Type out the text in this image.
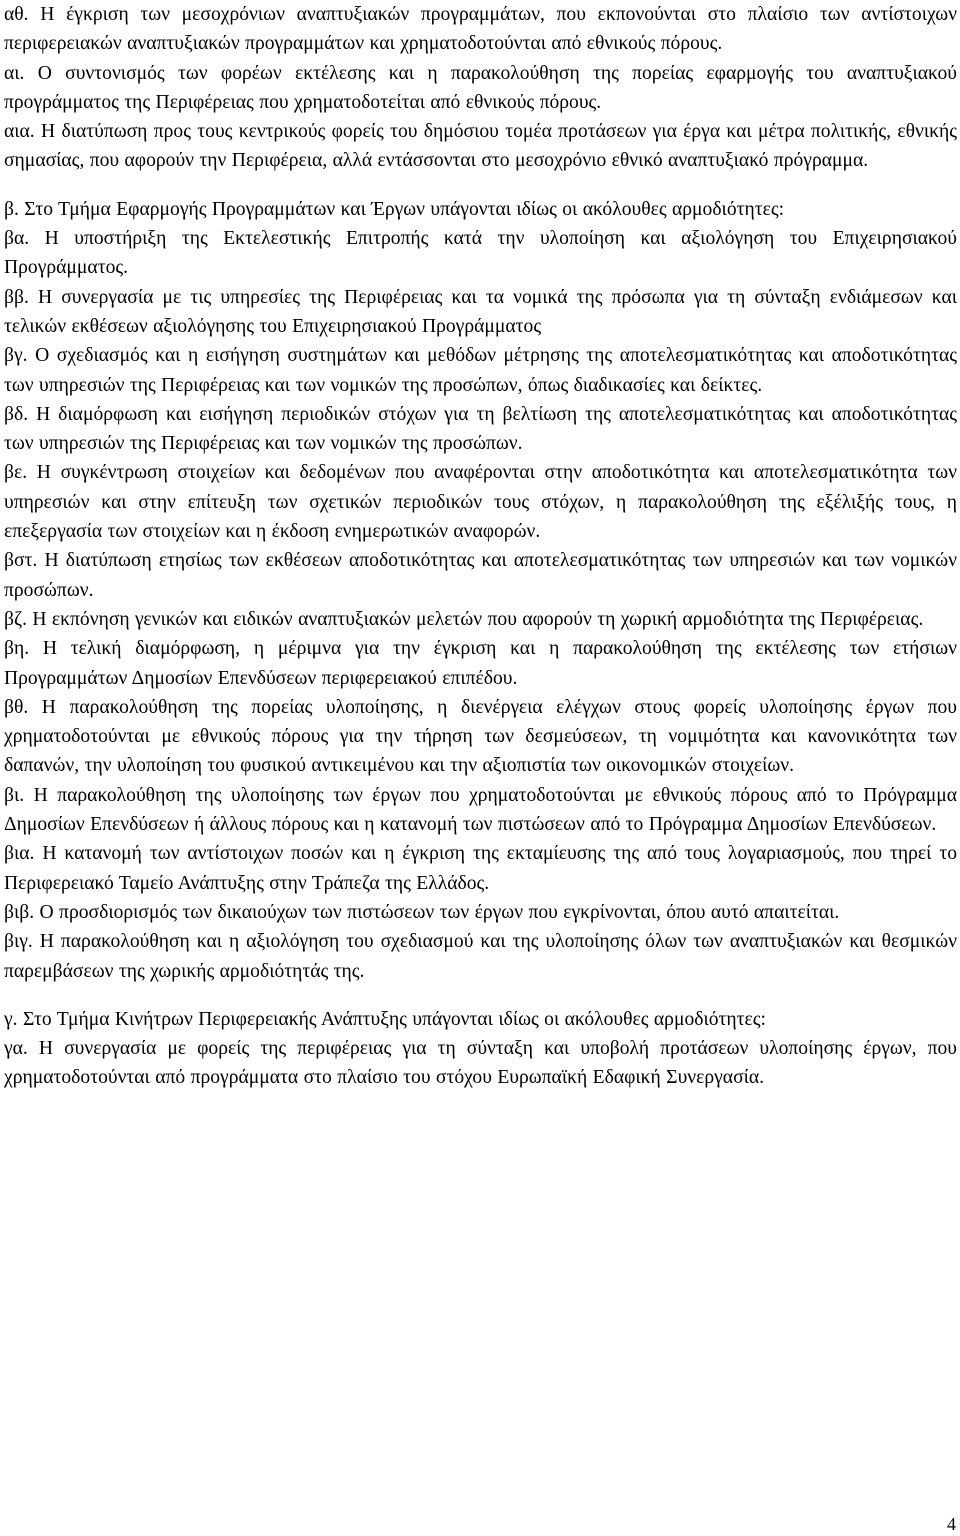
αθ. Η έγκριση των μεσοχρόνιων αναπτυξιακών προγραμμάτων, που εκπονούνται στο πλαίσιο των αντίστοιχων περιφερειακών αναπτυξιακών προγραμμάτων και χρηματοδοτούνται από εθνικούς πόρους.

αι. Ο συντονισμός των φορέων εκτέλεσης και η παρακολούθηση της πορείας εφαρμογής του αναπτυξιακού προγράμματος της Περιφέρειας που χρηματοδοτείται από εθνικούς πόρους.

αια. Η διατύπωση προς τους κεντρικούς φορείς του δημόσιου τομέα προτάσεων για έργα και μέτρα πολιτικής, εθνικής σημασίας, που αφορούν την Περιφέρεια, αλλά εντάσσονται στο μεσοχρόνιο εθνικό αναπτυξιακό πρόγραμμα.

β. Στο Τμήμα Εφαρμογής Προγραμμάτων και Έργων υπάγονται ιδίως οι ακόλουθες αρμοδιότητες:

βα. Η υποστήριξη της Εκτελεστικής Επιτροπής κατά την υλοποίηση και αξιολόγηση του Επιχειρησιακού Προγράμματος.

ββ. Η συνεργασία με τις υπηρεσίες της Περιφέρειας και τα νομικά της πρόσωπα για τη σύνταξη ενδιάμεσων και τελικών εκθέσεων αξιολόγησης του Επιχειρησιακού Προγράμματος

βγ. Ο σχεδιασμός και η εισήγηση συστημάτων και μεθόδων μέτρησης της αποτελεσματικότητας και αποδοτικότητας των υπηρεσιών της Περιφέρειας και των νομικών της προσώπων, όπως διαδικασίες και δείκτες.

βδ. Η διαμόρφωση και εισήγηση περιοδικών στόχων για τη βελτίωση της αποτελεσματικότητας και αποδοτικότητας των υπηρεσιών της Περιφέρειας και των νομικών της προσώπων.

βε. Η συγκέντρωση στοιχείων και δεδομένων που αναφέρονται στην αποδοτικότητα και αποτελεσματικότητα των υπηρεσιών και στην επίτευξη των σχετικών περιοδικών τους στόχων, η παρακολούθηση της εξέλιξής τους, η επεξεργασία των στοιχείων και η έκδοση ενημερωτικών αναφορών.

βστ. Η διατύπωση ετησίως των εκθέσεων αποδοτικότητας και αποτελεσματικότητας των υπηρεσιών και των νομικών προσώπων.

βζ. Η εκπόνηση γενικών και ειδικών αναπτυξιακών μελετών που αφορούν τη χωρική αρμοδιότητα της Περιφέρειας.

βη. Η τελική διαμόρφωση, η μέριμνα για την έγκριση και η παρακολούθηση της εκτέλεσης των ετήσιων Προγραμμάτων Δημοσίων Επενδύσεων περιφερειακού επιπέδου.

βθ. Η παρακολούθηση της πορείας υλοποίησης, η διενέργεια ελέγχων στους φορείς υλοποίησης έργων που χρηματοδοτούνται με εθνικούς πόρους για την τήρηση των δεσμεύσεων, τη νομιμότητα και κανονικότητα των δαπανών, την υλοποίηση του φυσικού αντικειμένου και την αξιοπιστία των οικονομικών στοιχείων.

βι. Η παρακολούθηση της υλοποίησης των έργων που χρηματοδοτούνται με εθνικούς πόρους από το Πρόγραμμα Δημοσίων Επενδύσεων ή άλλους πόρους και η κατανομή των πιστώσεων από το Πρόγραμμα Δημοσίων Επενδύσεων.

βια. Η κατανομή των αντίστοιχων ποσών και η έγκριση της εκταμίευσης της από τους λογαριασμούς, που τηρεί το Περιφερειακό Ταμείο Ανάπτυξης στην Τράπεζα της Ελλάδος.

βιβ. Ο προσδιορισμός των δικαιούχων των πιστώσεων των έργων που εγκρίνονται, όπου αυτό απαιτείται.

βιγ. Η παρακολούθηση και η αξιολόγηση του σχεδιασμού και της υλοποίησης όλων των αναπτυξιακών και θεσμικών παρεμβάσεων της χωρικής αρμοδιότητάς της.

γ. Στο Τμήμα Κινήτρων Περιφερειακής Ανάπτυξης υπάγονται ιδίως οι ακόλουθες αρμοδιότητες:

γα. Η συνεργασία με φορείς της περιφέρειας για τη σύνταξη και υποβολή προτάσεων υλοποίησης έργων, που χρηματοδοτούνται από προγράμματα στο πλαίσιο του στόχου Ευρωπαϊκή Εδαφική Συνεργασία.

4
